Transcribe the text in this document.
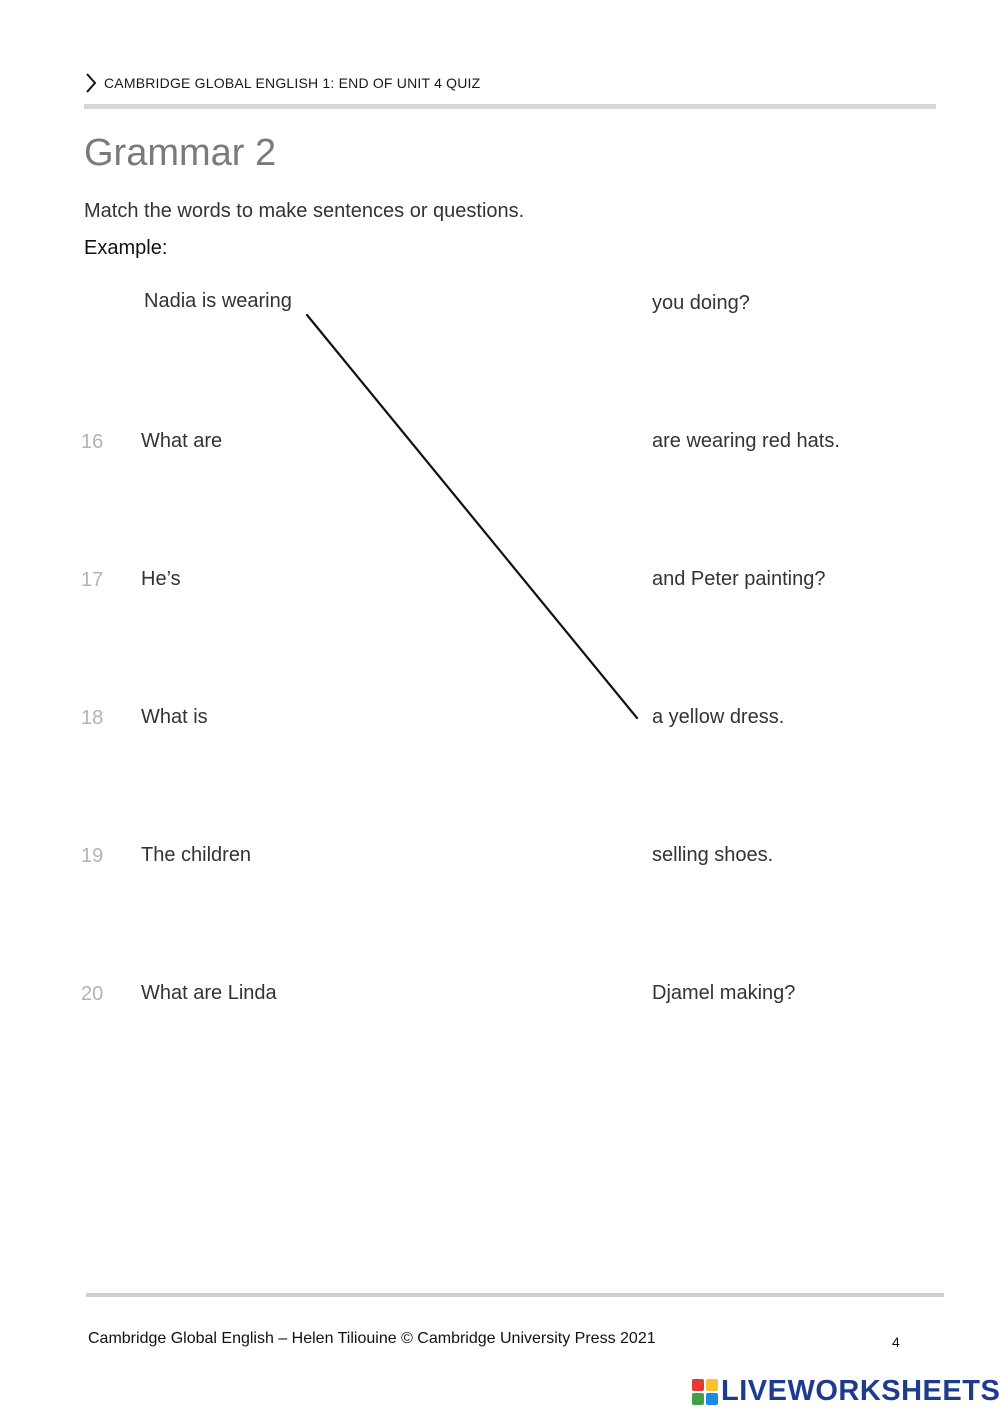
CAMBRIDGE GLOBAL ENGLISH 1: END OF UNIT 4 QUIZ
Grammar 2
Match the words to make sentences or questions.
Example:
Nadia is wearing	you doing?
16 What are	are wearing red hats.
17 He’s	and Peter painting?
18 What is	a yellow dress.
19 The children	selling shoes.
20 What are Linda	Djamel making?
Cambridge Global English – Helen Tiliouine © Cambridge University Press 2021	4
LIVEWORKSHEETS
